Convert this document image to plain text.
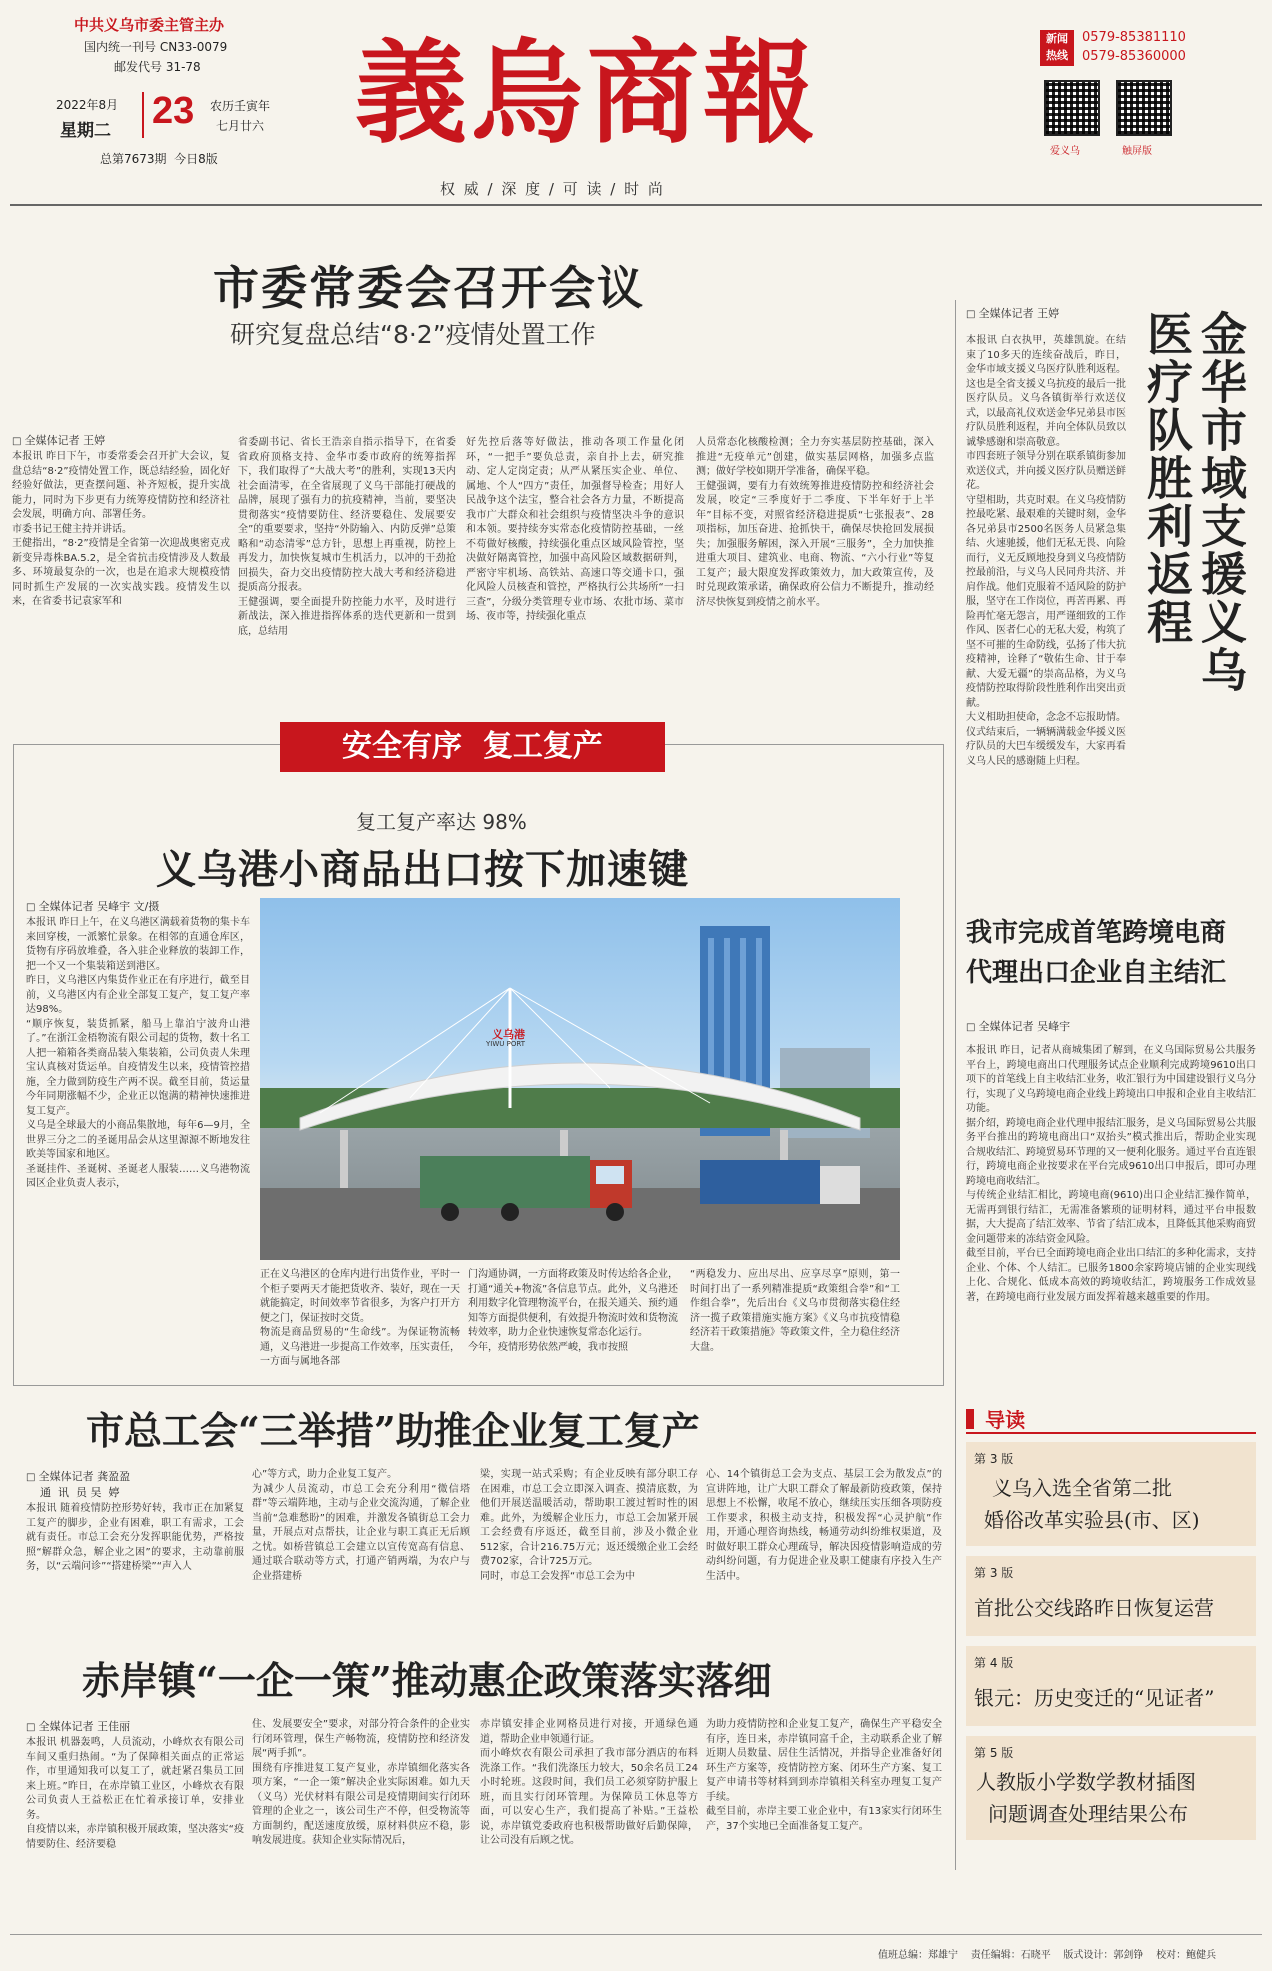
中共义乌市委主管主办
国内统一刊号 CN33-0079
邮发代号 31-78
2022年8月
星期二 23 农历壬寅年
七月廿六
总第7673期  今日8版 義烏商報
权 威 / 深 度 / 可 读 / 时 尚
新闻
热线
0579-85381110
0579-85360000
爱义乌	触屏版
市委常委会召开会议
研究复盘总结“8·2”疫情处置工作
□ 全媒体记者 王婷
本报讯 昨日下午，市委常委会召开扩大会议，复盘总结“8·2”疫情处置工作，既总结经验，固化好经验好做法，更查摆问题、补齐短板，提升实战能力，同时为下步更有力统筹疫情防控和经济社会发展，明确方向、部署任务。
市委书记王健主持并讲话。
王健指出，“8·2”疫情是全省第一次迎战奥密克戎新变异毒株BA.5.2，是全省抗击疫情涉及人数最多、环境最复杂的一次，也是在追求大规模疫情同时抓生产发展的一次实战实践。疫情发生以来，在省委书记袁家军和
省委副书记、省长王浩亲自指示指导下，在省委省政府顶格支持、金华市委市政府的统筹指挥下，我们取得了“大战大考”的胜利，实现13天内社会面清零，在全省展现了义乌干部能打硬战的品牌，展现了强有力的抗疫精神，当前，要坚决贯彻落实“疫情要防住、经济要稳住、发展要安全”的重要要求，坚持“外防输入、内防反弹”总策略和“动态清零”总方针，思想上再重视，防控上再发力，加快恢复城市生机活力，以冲的干劲抢回损失，奋力交出疫情防控大战大考和经济稳进提质高分报表。
王健强调，要全面提升防控能力水平，及时进行新战法，深入推进指挥体系的迭代更新和一贯到底，总结用
好先控后落等好做法，推动各项工作量化闭环，“一把手”要负总责，亲自扑上去，研究推动、定人定岗定责；从严从紧压实企业、单位、属地、个人“四方”责任，加强督导检查；用好人民战争这个法宝，整合社会各方力量，不断提高我市广大群众和社会组织与疫情坚决斗争的意识和本领。要持续夯实常态化疫情防控基础，一丝不苟做好核酸，持续强化重点区域风险管控，坚决做好隔离管控，加强中高风险区域数据研判，严密守牢机场、高铁站、高速口等交通卡口，强化风险人员核查和管控，严格执行公共场所“一扫三查”，分级分类管理专业市场、农批市场、菜市场、夜市等，持续强化重点
人员常态化核酸检测；全力夯实基层防控基础，深入推进“无疫单元”创建，做实基层网格，加强多点监测；做好学校如期开学准备，确保平稳。
王健强调，要有力有效统筹推进疫情防控和经济社会发展，咬定“三季度好于二季度、下半年好于上半年”目标不变，对照省经济稳进提质“七张报表”、28项指标，加压奋进、抢抓快干，确保尽快抢回发展损失；加强服务解困，深入开展“三服务”，全力加快推进重大项目、建筑业、电商、物流、“六小行业”等复工复产；最大限度发挥政策效力，加大政策宣传，及时兑现政策承诺，确保政府公信力不断提升，推动经济尽快恢复到疫情之前水平。
□ 全媒体记者 王婷	金华市域支援义乌医疗队胜利返程
本报讯 白衣执甲，英雄凯旋。在结束了10多天的连续奋战后，昨日，金华市域支援义乌医疗队胜利返程。这也是全省支援义乌抗疫的最后一批医疗队员。义乌各镇街举行欢送仪式，以最高礼仪欢送金华兄弟县市医疗队员胜利返程，并向全体队员致以诚挚感谢和崇高敬意。
市四套班子领导分别在联系镇街参加欢送仪式，并向援义医疗队员赠送鲜花。
守望相助，共克时艰。在义乌疫情防控最吃紧、最艰难的关键时刻，金华各兄弟县市2500名医务人员紧急集结、火速驰援，他们无私无畏、向险而行，义无反顾地投身到义乌疫情防控最前沿，与义乌人民同舟共济、并肩作战。他们克服着不适风险的防护服，坚守在工作岗位，再苦再累、再险再忙毫无怨言，用严谨细致的工作作风、医者仁心的无私大爱，构筑了坚不可摧的生命防线，弘扬了伟大抗疫精神，诠释了“敬佑生命、甘于奉献、大爱无疆”的崇高品格，为义乌疫情防控取得阶段性胜利作出突出贡献。
大义相助担使命，念念不忘报助情。仪式结束后，一辆辆满载金华援义医疗队员的大巴车缓缓发车，大家再看义乌人民的感谢随上归程。
安全有序  复工复产
复工复产率达 98%
义乌港小商品出口按下加速键
□ 全媒体记者 吴峰宇 文/摄
义乌港
YIWU PORT
本报讯 昨日上午，在义乌港区满载着货物的集卡车来回穿梭，一派繁忙景象。在相邻的直通仓库区，货物有序码放堆叠，各入驻企业释放的装卸工作，把一个又一个集装箱送到港区。
昨日，义乌港区内集货作业正在有序进行，截至目前，义乌港区内有企业全部复工复产，复工复产率达98%。
“顺序恢复，装货抓紧，船马上靠泊宁波舟山港了。”在浙江金梧物流有限公司起的货物，数十名工人把一箱箱各类商品装入集装箱，公司负责人朱理宝认真核对货运单。自疫情发生以来，疫情管控措施，全力做到防疫生产两不误。截至目前，货运量今年同期涨幅不少，企业正以饱满的精神快速推进复工复产。
义乌是全球最大的小商品集散地，每年6—9月，全世界三分之二的圣诞用品会从这里源源不断地发往欧美等国家和地区。
圣诞挂件、圣诞树、圣诞老人服装……义乌港物流园区企业负责人表示，
正在义乌港区的仓库内进行出货作业，平时一个柜子要两天才能把货收齐、装好，现在一天就能搞定，时间效率节省很多，为客户打开方便之门，保证按时交货。
物流是商品贸易的“生命线”。为保证物流畅通，义乌港进一步提高工作效率，压实责任，一方面与属地各部
门沟通协调，一方面将政策及时传达给各企业，打通“通关+物流”各信息节点。此外，义乌港还利用数字化管理物流平台，在报关通关、预约通知等方面提供便利，有效提升物流时效和货物流转效率，助力企业快速恢复常态化运行。
今年，疫情形势依然严峻，我市按照
“两稳发力、应出尽出、应享尽享”原则，第一时间打出了一系列精准提质“政策组合拳”和“工作组合拳”，先后出台《义乌市贯彻落实稳住经济一揽子政策措施实施方案》《义乌市抗疫情稳经济若干政策措施》等政策文件，全力稳住经济大盘。
我市完成首笔跨境电商
代理出口企业自主结汇
□ 全媒体记者 吴峰宇
本报讯 昨日，记者从商城集团了解到，在义乌国际贸易公共服务平台上，跨境电商出口代理服务试点企业顺利完成跨境9610出口项下的首笔线上自主收结汇业务，收汇银行为中国建设银行义乌分行，实现了义乌跨境电商企业线上跨境出口申报和企业自主收结汇功能。
据介绍，跨境电商企业代理申报结汇服务，是义乌国际贸易公共服务平台推出的跨境电商出口“双抬头”模式推出后，帮助企业实现合规收结汇、跨境贸易环节理的又一便利化服务。通过平台直连银行，跨境电商企业按要求在平台完成9610出口申报后，即可办理跨境电商收结汇。
与传统企业结汇相比，跨境电商(9610)出口企业结汇操作简单，无需再到银行结汇，无需准备繁琐的证明材料，通过平台申报数据，大大提高了结汇效率、节省了结汇成本，且降低其他采购商贸金问题带来的冻结资金风险。
截至目前，平台已全面跨境电商企业出口结汇的多种化需求，支持企业、个体、个人结汇。已服务1800余家跨境店铺的企业实现线上化、合规化、低成本高效的跨境收结汇，跨境服务工作成效显著，在跨境电商行业发展方面发挥着越来越重要的作用。
市总工会“三举措”助推企业复工复产
□ 全媒体记者 龚盈盈
通  讯  员 吴  婷
本报讯 随着疫情防控形势好转，我市正在加紧复工复产的脚步，企业有困难，职工有需求，工会就有责任。市总工会充分发挥职能优势，严格按照“解群众急，解企业之困”的要求，主动靠前服务，以“云端问诊”“搭建桥梁”“声入人
心”等方式，助力企业复工复产。
为减少人员流动，市总工会充分利用“微信塔群”等云端阵地，主动与企业交流沟通，了解企业当前“急难愁盼”的困难，并激发各镇街总工会力量，开展点对点帮扶，让企业与职工真正无后顾之忧。如桥营镇总工会建立以宣传宽高有信息、通过联合联动等方式，打通产销两端，为农户与企业搭建桥
梁，实现一站式采购；有企业反映有部分职工存在困难，市总工会立即深入调查、摸清底数，为他们开展送温暖活动，帮助职工渡过暂时性的困难。此外，为缓解企业压力，市总工会加紧开展工会经费有序返还，截至目前，涉及小微企业512家，合计216.75万元；返还缓缴企业工会经费702家，合计725万元。
同时，市总工会发挥“市总工会为中
心、14个镇街总工会为支点、基层工会为散发点”的宣讲阵地，让广大职工群众了解最新防疫政策，保持思想上不松懈，收尾不放心，继续压实压细各项防疫工作要求，积极主动支持，积极发挥“心灵护航”作用，开通心理咨询热线，畅通劳动纠纷维权渠道，及时做好职工群众心理疏导，解决因疫情影响造成的劳动纠纷问题，有力促进企业及职工健康有序投入生产生活中。
赤岸镇“一企一策”推动惠企政策落实落细
□ 全媒体记者 王佳丽
本报讯 机器轰鸣，人员流动，小峰炊衣有限公司车间又重归热闹。“为了保障相关面点的正常运作，市里通知我可以复工了，就赶紧召集员工回来上班。”昨日，在赤岸镇工业区，小峰炊衣有限公司负责人王益松正在忙着承接订单，安排业务。
自疫情以来，赤岸镇积极开展政策，坚决落实“疫情要防住、经济要稳
住、发展要安全”要求，对部分符合条件的企业实行闭环管理，保生产畅物流，疫情防控和经济发展“两手抓”。
围绕有序推进复工复产复业，赤岸镇细化落实各项方案，“一企一策”解决企业实际困难。如九天（义乌）光伏材料有限公司是疫情期间实行闭环管理的企业之一，该公司生产不停，但受物流等方面制约，配送速度放缓，原材料供应不稳，影响发展进度。获知企业实际情况后，
赤岸镇安排企业网格员进行对接，开通绿色通道，帮助企业申领通行证。
而小峰炊衣有限公司承担了我市部分酒店的布料洗涤工作。“我们洗涤压力较大，50余名员工24小时轮班。这段时间，我们员工必须穿防护服上班，而且实行闭环管理。为保障员工休息等方面，可以安心生产，我们提高了补贴。”王益松说，赤岸镇党委政府也积极帮助做好后勤保障，让公司没有后顾之忧。
为助力疫情防控和企业复工复产，确保生产平稳安全有序，连日来，赤岸镇同富千企，主动联系企业了解近期人员数量、居住生活情况，并指导企业准备好闭环生产方案等，疫情防控方案、闭环生产方案、复工复产申请书等材料到到赤岸镇相关科室办理复工复产手续。
截至目前，赤岸主要工业企业中，有13家实行闭环生产，37个实地已全面准备复工复产。
导读
第 3 版
义乌入选全省第二批
婚俗改革实验县(市、区)
第 3 版
首批公交线路昨日恢复运营
第 4 版
银元：历史变迁的“见证者”
第 5 版
人教版小学数学教材插图
问题调查处理结果公布
值班总编：郑雄宁    责任编辑：石晓平    版式设计：郭剑铮    校对：鲍健兵
